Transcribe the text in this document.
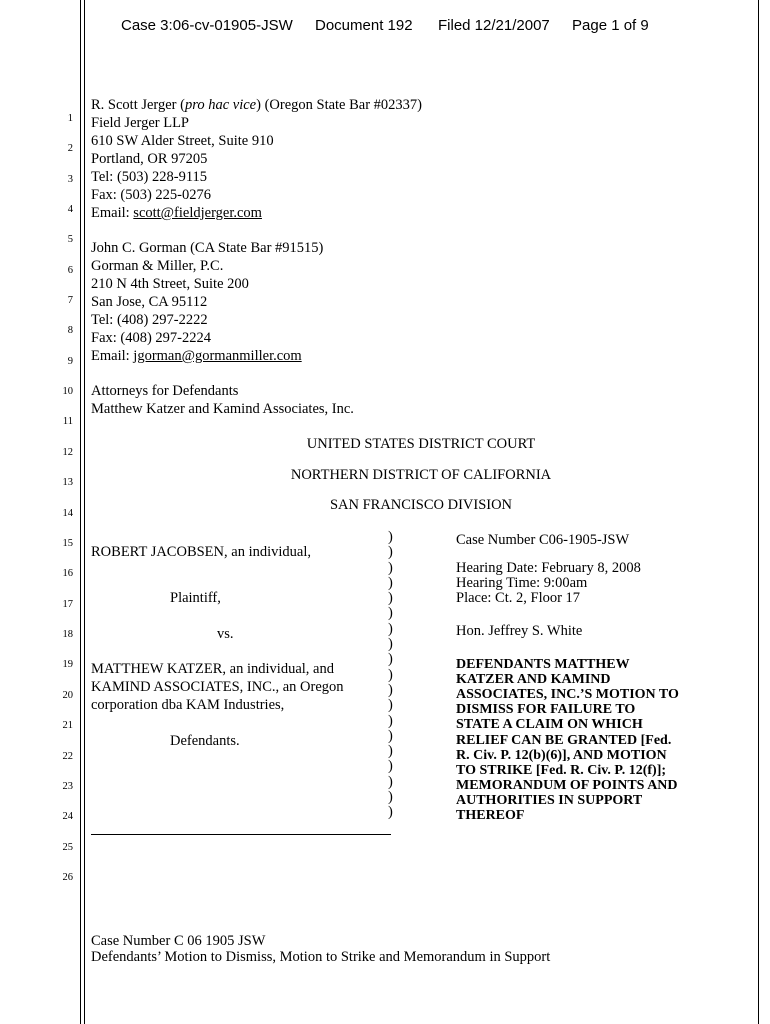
Case 3:06-cv-01905-JSW Document 192 Filed 12/21/2007 Page 1 of 9
1
2
3
4
5
6
7
8
9
10
11
12
13
14
15
16
17
18
19
20
21
22
23
24
25
26
R. Scott Jerger (pro hac vice) (Oregon State Bar #02337)
Field Jerger LLP
610 SW Alder Street, Suite 910
Portland, OR 97205
Tel: (503) 228-9115
Fax: (503) 225-0276
Email: scott@fieldjerger.com
John C. Gorman (CA State Bar #91515)
Gorman & Miller, P.C.
210 N 4th Street, Suite 200
San Jose, CA 95112
Tel: (408) 297-2222
Fax: (408) 297-2224
Email: jgorman@gormanmiller.com
Attorneys for Defendants
Matthew Katzer and Kamind Associates, Inc.
UNITED STATES DISTRICT COURT
NORTHERN DISTRICT OF CALIFORNIA
SAN FRANCISCO DIVISION
ROBERT JACOBSEN, an individual,
Plaintiff,
vs.
MATTHEW KATZER, an individual, and
KAMIND ASSOCIATES, INC., an Oregon
corporation dba KAM Industries,
Defendants.
)
)
)
)
)
)
)
)
)
)
)
)
)
)
)
)
)
)
)
Case Number C06-1905-JSW
Hearing Date: February 8, 2008
Hearing Time: 9:00am
Place: Ct. 2, Floor 17
Hon. Jeffrey S. White
DEFENDANTS MATTHEW
KATZER AND KAMIND
ASSOCIATES, INC.’S MOTION TO
DISMISS FOR FAILURE TO
STATE A CLAIM ON WHICH
RELIEF CAN BE GRANTED [Fed.
R. Civ. P. 12(b)(6)], AND MOTION
TO STRIKE [Fed. R. Civ. P. 12(f)];
MEMORANDUM OF POINTS AND
AUTHORITIES IN SUPPORT
THEREOF
Case Number C 06 1905 JSW
Defendants’ Motion to Dismiss, Motion to Strike and Memorandum in Support
